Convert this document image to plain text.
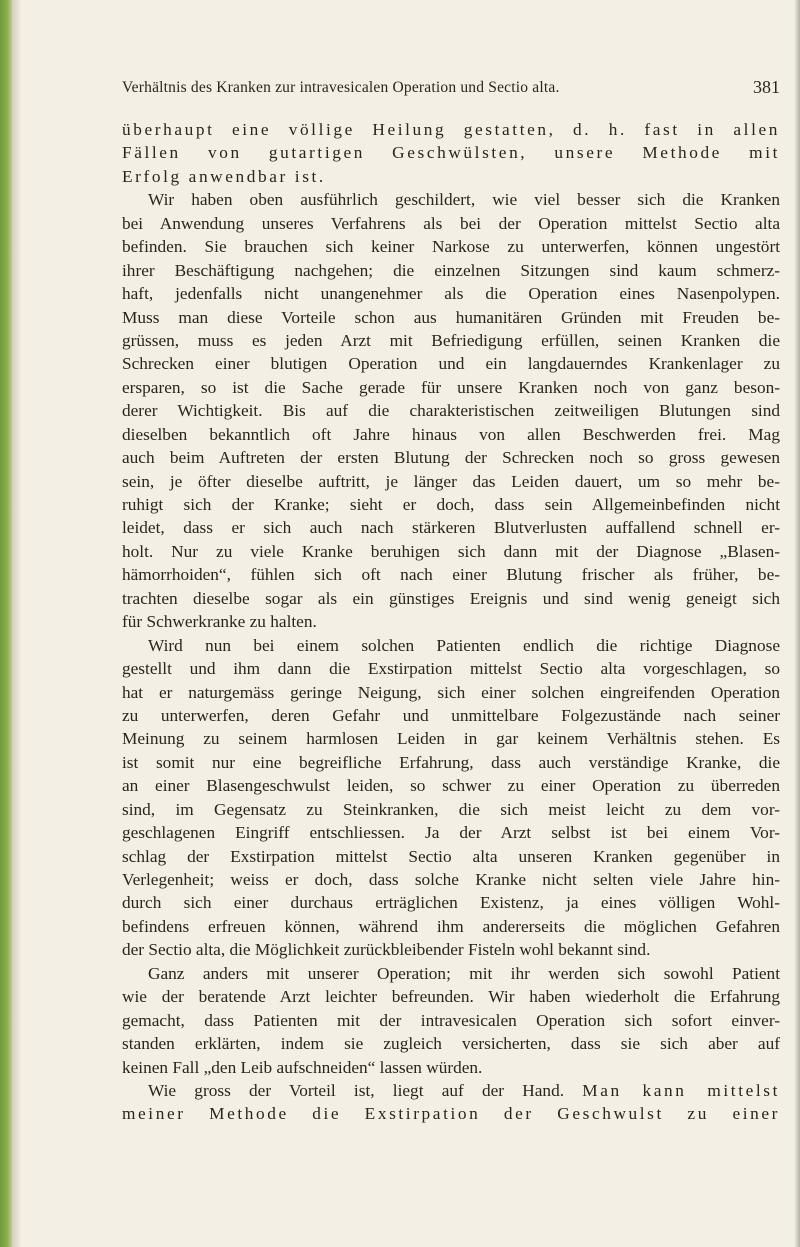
Verhältnis des Kranken zur intravesicalen Operation und Sectio alta.	381
überhaupt eine völlige Heilung gestatten, d. h. fast in allen
Fällen von gutartigen Geschwülsten, unsere Methode mit
Erfolg anwendbar ist.
Wir haben oben ausführlich geschildert, wie viel besser sich die Kranken
bei Anwendung unseres Verfahrens als bei der Operation mittelst Sectio alta
befinden. Sie brauchen sich keiner Narkose zu unterwerfen, können ungestört
ihrer Beschäftigung nachgehen; die einzelnen Sitzungen sind kaum schmerz-
haft, jedenfalls nicht unangenehmer als die Operation eines Nasenpolypen.
Muss man diese Vorteile schon aus humanitären Gründen mit Freuden be-
grüssen, muss es jeden Arzt mit Befriedigung erfüllen, seinen Kranken die
Schrecken einer blutigen Operation und ein langdauerndes Krankenlager zu
ersparen, so ist die Sache gerade für unsere Kranken noch von ganz beson-
derer Wichtigkeit. Bis auf die charakteristischen zeitweiligen Blutungen sind
dieselben bekanntlich oft Jahre hinaus von allen Beschwerden frei. Mag
auch beim Auftreten der ersten Blutung der Schrecken noch so gross gewesen
sein, je öfter dieselbe auftritt, je länger das Leiden dauert, um so mehr be-
ruhigt sich der Kranke; sieht er doch, dass sein Allgemeinbefinden nicht
leidet, dass er sich auch nach stärkeren Blutverlusten auffallend schnell er-
holt. Nur zu viele Kranke beruhigen sich dann mit der Diagnose „Blasen-
hämorrhoiden“, fühlen sich oft nach einer Blutung frischer als früher, be-
trachten dieselbe sogar als ein günstiges Ereignis und sind wenig geneigt sich
für Schwerkranke zu halten.
Wird nun bei einem solchen Patienten endlich die richtige Diagnose
gestellt und ihm dann die Exstirpation mittelst Sectio alta vorgeschlagen, so
hat er naturgemäss geringe Neigung, sich einer solchen eingreifenden Operation
zu unterwerfen, deren Gefahr und unmittelbare Folgezustände nach seiner
Meinung zu seinem harmlosen Leiden in gar keinem Verhältnis stehen. Es
ist somit nur eine begreifliche Erfahrung, dass auch verständige Kranke, die
an einer Blasengeschwulst leiden, so schwer zu einer Operation zu überreden
sind, im Gegensatz zu Steinkranken, die sich meist leicht zu dem vor-
geschlagenen Eingriff entschliessen. Ja der Arzt selbst ist bei einem Vor-
schlag der Exstirpation mittelst Sectio alta unseren Kranken gegenüber in
Verlegenheit; weiss er doch, dass solche Kranke nicht selten viele Jahre hin-
durch sich einer durchaus erträglichen Existenz, ja eines völligen Wohl-
befindens erfreuen können, während ihm andererseits die möglichen Gefahren
der Sectio alta, die Möglichkeit zurückbleibender Fisteln wohl bekannt sind.
Ganz anders mit unserer Operation; mit ihr werden sich sowohl Patient
wie der beratende Arzt leichter befreunden. Wir haben wiederholt die Erfahrung
gemacht, dass Patienten mit der intravesicalen Operation sich sofort einver-
standen erklärten, indem sie zugleich versicherten, dass sie sich aber auf
keinen Fall „den Leib aufschneiden“ lassen würden.
Wie gross der Vorteil ist, liegt auf der Hand. Man kann mittelst
meiner Methode die Exstirpation der Geschwulst zu einer
